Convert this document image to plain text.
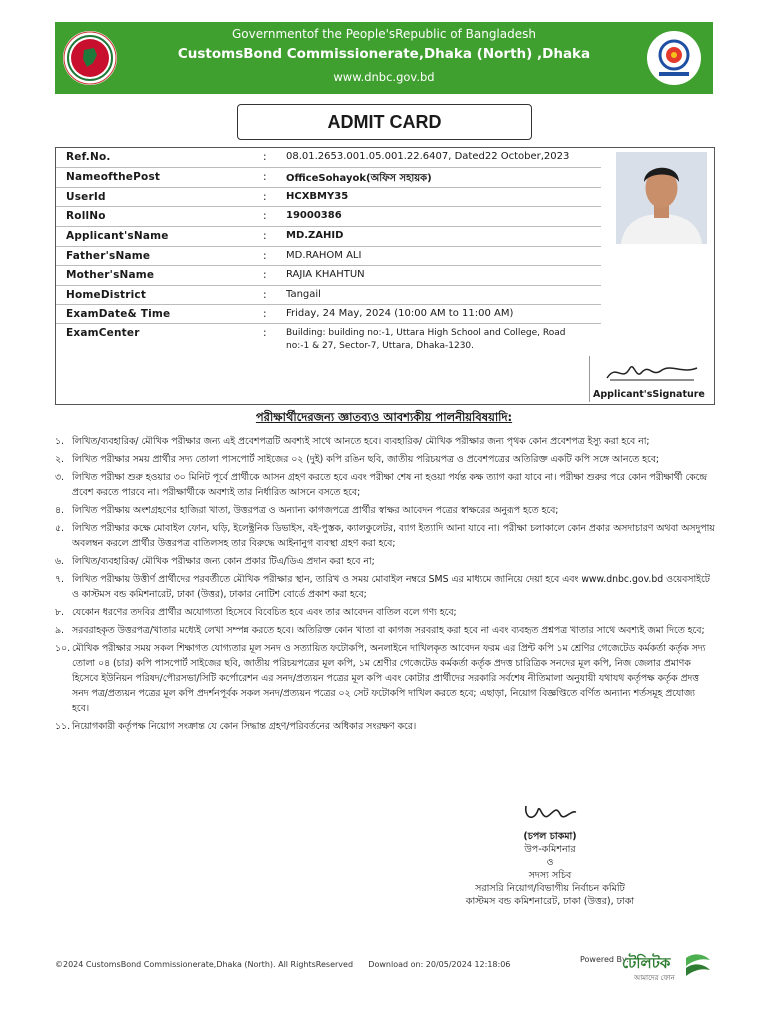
Governmentof the People'sRepublic of Bangladesh
CustomsBond Commissionerate,Dhaka (North) ,Dhaka
www.dnbc.gov.bd
ADMIT CARD
Ref.No.	: 08.01.2653.001.05.001.22.6407, Dated22 October,2023
NameofthePost	: OfficeSohayok(অফিস সহায়ক)
UserId	: HCXBMY35
RollNo	: 19000386
Applicant'sName	: MD.ZAHID
Father'sName	: MD.RAHOM ALI
Mother'sName	: RAJIA KHAHTUN
HomeDistrict	: Tangail
ExamDate& Time	: Friday, 24 May, 2024 (10:00 AM to 11:00 AM)
ExamCenter	: Building: building no:-1, Uttara High School and College, Road no:-1 & 27, Sector-7, Uttara, Dhaka-1230.
Applicant'sSignature
পরীক্ষার্থীদেরজন্য জ্ঞাতব্যও আবশ্যকীয় পালনীয়বিষয়াদি:
১. লিখিত/ব্যবহারিক/ মৌখিক পরীক্ষার জন্য এই প্রবেশপত্রটি অবশ্যই সাথে আনতে হবে। ব্যবহারিক/ মৌখিক পরীক্ষার জন্য পৃথক কোন প্রবেশপত্র ইস্যু করা হবে না;
২. লিখিত পরীক্ষার সময় প্রার্থীর সদ্য তোলা পাসপোর্ট সাইজের ০২ (দুই) কপি রঙিন ছবি, জাতীয় পরিচয়পত্র ও প্রবেশপত্রের অতিরিক্ত একটি কপি সঙ্গে আনতে হবে;
৩. লিখিত পরীক্ষা শুরু হওয়ার ৩০ মিনিট পূর্বে প্রার্থীকে আসন গ্রহণ করতে হবে এবং পরীক্ষা শেষ না হওয়া পর্যন্ত কক্ষ ত্যাগ করা যাবে না। পরীক্ষা শুরুর পরে কোন পরীক্ষার্থী কেন্দ্রে প্রবেশ করতে পারবে না। পরীক্ষার্থীকে অবশ্যই তার নির্ধারিত আসনে বসতে হবে;
৪. লিখিত পরীক্ষায় অংশগ্রহণের হাজিরা খাতা, উত্তরপত্র ও অন্যান্য কাগজপত্রে প্রার্থীর স্বাক্ষর আবেদন পত্রের স্বাক্ষরের অনুরূপ হতে হবে;
৫. লিখিত পরীক্ষার কক্ষে মোবাইল ফোন, ঘড়ি, ইলেক্ট্রনিক ডিভাইস, বই-পুস্তক, ক্যালকুলেটর, ব্যাগ ইত্যাদি আনা যাবে না। পরীক্ষা চলাকালে কোন প্রকার অসদাচারণ অথবা অসদুপায় অবলম্বন করলে প্রার্থীর উত্তরপত্র বাতিলসহ তার বিরুদ্ধে আইনানুগ ব্যবস্থা গ্রহণ করা হবে;
৬. লিখিত/ব্যবহারিক/ মৌখিক পরীক্ষার জন্য কোন প্রকার টিএ/ডিএ প্রদান করা হবে না;
৭. লিখিত পরীক্ষায় উত্তীর্ণ প্রার্থীদের পরবর্তীতে মৌখিক পরীক্ষার স্থান, তারিখ ও সময় মোবাইল নম্বরে SMS এর মাধ্যমে জানিয়ে দেয়া হবে এবং www.dnbc.gov.bd ওয়েবসাইটে ও কাস্টমস বন্ড কমিশনারেট, ঢাকা (উত্তর), ঢাকার নোটিশ বোর্ডে প্রকাশ করা হবে;
৮. যেকোন ধরণের তদবির প্রার্থীর অযোগ্যতা হিসেবে বিবেচিত হবে এবং তার আবেদন বাতিল বলে গণ্য হবে;
৯. সরবরাহকৃত উত্তরপত্র/খাতার মধ্যেই লেখা সম্পন্ন করতে হবে। অতিরিক্ত কোন খাতা বা কাগজ সরবরাহ করা হবে না এবং ব্যবহৃত প্রশ্নপত্র খাতার সাথে অবশ্যই জমা দিতে হবে;
১০. মৌখিক পরীক্ষার সময় সকল শিক্ষাগত যোগ্যতার মূল সনদ ও সত্যায়িত ফটোকপি, অনলাইনে দাখিলকৃত আবেদন ফরম এর প্রিন্ট কপি ১ম শ্রেণির গেজেটেড কর্মকর্তা কর্তৃক সদ্য তোলা ০৪ (চার) কপি পাসপোর্ট সাইজের ছবি, জাতীয় পরিচয়পত্রের মূল কপি, ১ম শ্রেণীর গেজেটেড কর্মকর্তা কর্তৃক প্রদত্ত চারিত্রিক সনদের মূল কপি, নিজ জেলার প্রমাণক হিসেবে ইউনিয়ন পরিষদ/পৌরসভা/সিটি কর্পোরেশন এর সনদ/প্রত্যয়ন পত্রের মূল কপি এবং কোটার প্রার্থীদের সরকারি সর্বশেষ নীতিমালা অনুযায়ী যথাযথ কর্তৃপক্ষ কর্তৃক প্রদত্ত সনদ পত্র/প্রত্যয়ন পত্রের মূল কপি প্রদর্শনপূর্বক সকল সনদ/প্রত্যয়ন পত্রের ০২ সেট ফটোকপি দাখিল করতে হবে; এছাড়া, নিয়োগ বিজ্ঞপ্তিতে বর্ণিত অন্যান্য শর্তসমূহ প্রযোজ্য হবে।
১১. নিয়োগকারী কর্তৃপক্ষ নিয়োগ সংক্রান্ত যে কোন সিদ্ধান্ত গ্রহণ/পরিবর্তনের অধিকার সংরক্ষণ করে।
(চপল চাকমা)
উপ-কমিশনার
ও
সদস্য সচিব
সরাসরি নিয়োগ/বিভাগীয় নির্বাচন কমিটি
কাস্টমস বন্ড কমিশনারেট, ঢাকা (উত্তর), ঢাকা
©2024 CustomsBond Commissionerate,Dhaka (North). All RightsReserved Download on: 20/05/2024 12:18:06
Powered By:
টেলিটক
আমাদের ফোন
